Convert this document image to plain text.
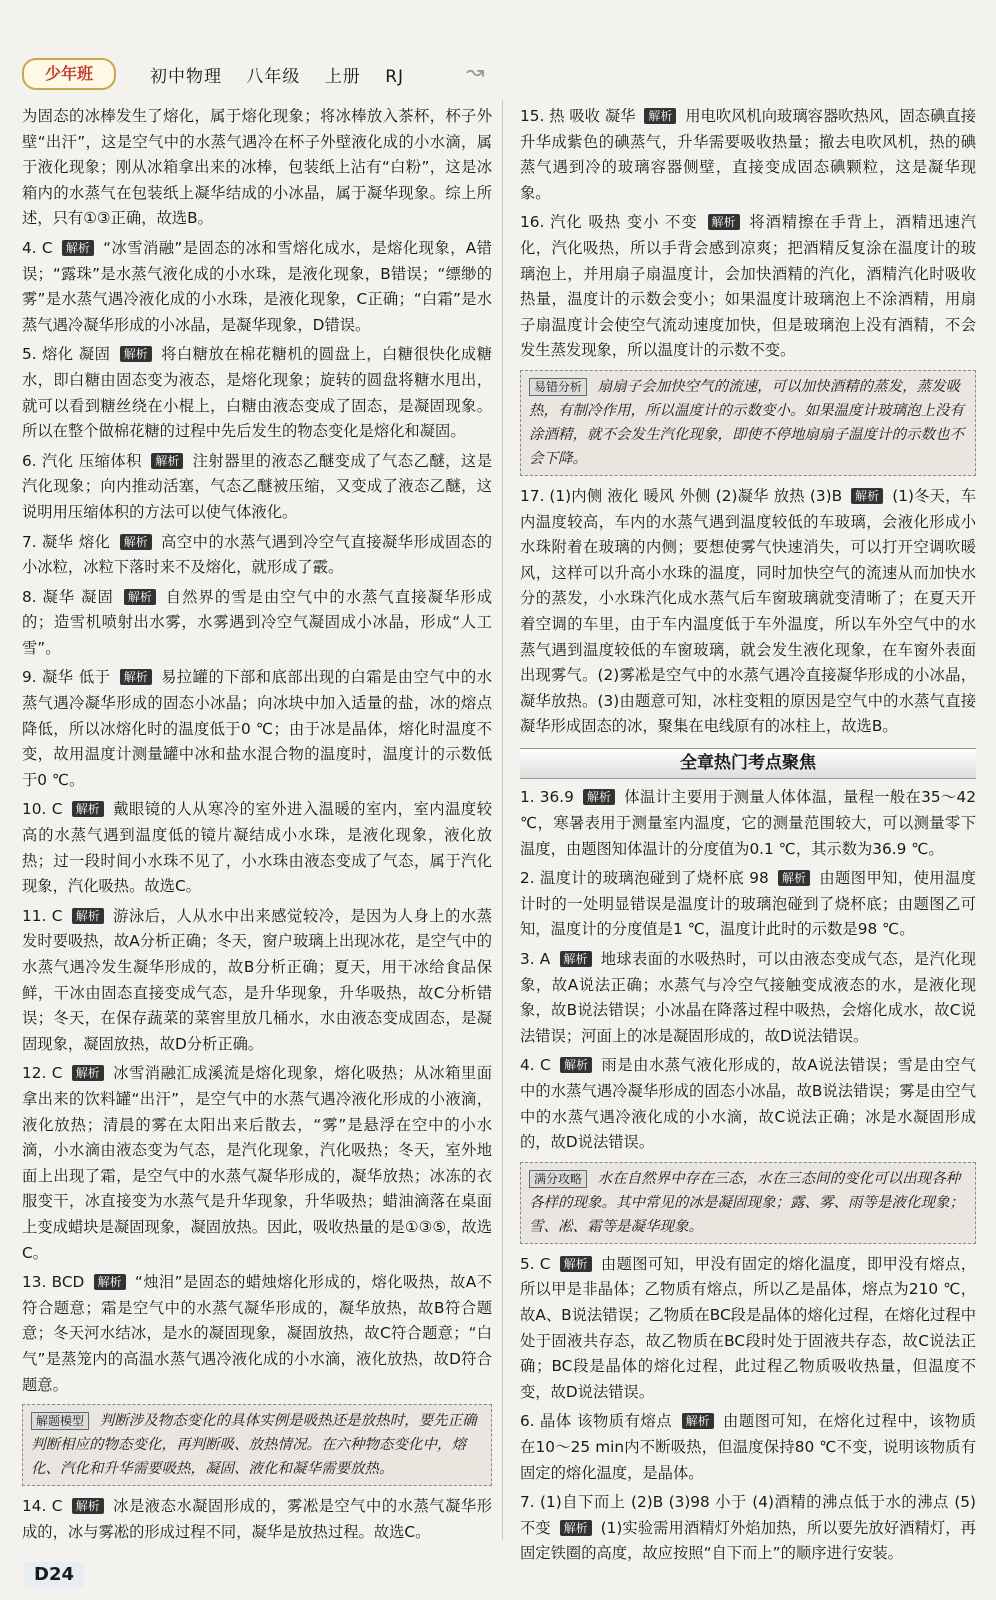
少年班	初中物理 八年级 上册 RJ	↝

为固态的冰棒发生了熔化，属于熔化现象；将冰棒放入茶杯，杯子外壁“出汗”，这是空气中的水蒸气遇冷在杯子外壁液化成的小水滴，属于液化现象；刚从冰箱拿出来的冰棒，包装纸上沾有“白粉”，这是冰箱内的水蒸气在包装纸上凝华结成的小冰晶，属于凝华现象。综上所述，只有①③正确，故选B。

4. C 解析 “冰雪消融”是固态的冰和雪熔化成水，是熔化现象，A错误；“露珠”是水蒸气液化成的小水珠，是液化现象，B错误；“缥缈的雾”是水蒸气遇冷液化成的小水珠，是液化现象，C正确；“白霜”是水蒸气遇冷凝华形成的小冰晶，是凝华现象，D错误。

5. 熔化 凝固 解析 将白糖放在棉花糖机的圆盘上，白糖很快化成糖水，即白糖由固态变为液态，是熔化现象；旋转的圆盘将糖水甩出，就可以看到糖丝绕在小棍上，白糖由液态变成了固态，是凝固现象。所以在整个做棉花糖的过程中先后发生的物态变化是熔化和凝固。

6. 汽化 压缩体积 解析 注射器里的液态乙醚变成了气态乙醚，这是汽化现象；向内推动活塞，气态乙醚被压缩，又变成了液态乙醚，这说明用压缩体积的方法可以使气体液化。

7. 凝华 熔化 解析 高空中的水蒸气遇到冷空气直接凝华形成固态的小冰粒，冰粒下落时来不及熔化，就形成了霰。

8. 凝华 凝固 解析 自然界的雪是由空气中的水蒸气直接凝华形成的；造雪机喷射出水雾，水雾遇到冷空气凝固成小冰晶，形成“人工雪”。

9. 凝华 低于 解析 易拉罐的下部和底部出现的白霜是由空气中的水蒸气遇冷凝华形成的固态小冰晶；向冰块中加入适量的盐，冰的熔点降低，所以冰熔化时的温度低于0 ℃；由于冰是晶体，熔化时温度不变，故用温度计测量罐中冰和盐水混合物的温度时，温度计的示数低于0 ℃。

10. C 解析 戴眼镜的人从寒冷的室外进入温暖的室内，室内温度较高的水蒸气遇到温度低的镜片凝结成小水珠，是液化现象，液化放热；过一段时间小水珠不见了，小水珠由液态变成了气态，属于汽化现象，汽化吸热。故选C。

11. C 解析 游泳后，人从水中出来感觉较冷，是因为人身上的水蒸发时要吸热，故A分析正确；冬天，窗户玻璃上出现冰花，是空气中的水蒸气遇冷发生凝华形成的，故B分析正确；夏天，用干冰给食品保鲜，干冰由固态直接变成气态，是升华现象，升华吸热，故C分析错误；冬天，在保存蔬菜的菜窖里放几桶水，水由液态变成固态，是凝固现象，凝固放热，故D分析正确。

12. C 解析 冰雪消融汇成溪流是熔化现象，熔化吸热；从冰箱里面拿出来的饮料罐“出汗”，是空气中的水蒸气遇冷液化形成的小液滴，液化放热；清晨的雾在太阳出来后散去，“雾”是悬浮在空中的小水滴，小水滴由液态变为气态，是汽化现象，汽化吸热；冬天，室外地面上出现了霜，是空气中的水蒸气凝华形成的，凝华放热；冰冻的衣服变干，冰直接变为水蒸气是升华现象，升华吸热；蜡油滴落在桌面上变成蜡块是凝固现象，凝固放热。因此，吸收热量的是①③⑤，故选C。

13. BCD 解析 “烛泪”是固态的蜡烛熔化形成的，熔化吸热，故A不符合题意；霜是空气中的水蒸气凝华形成的，凝华放热，故B符合题意；冬天河水结冰，是水的凝固现象，凝固放热，故C符合题意；“白气”是蒸笼内的高温水蒸气遇冷液化成的小水滴，液化放热，故D符合题意。

解题模型 判断涉及物态变化的具体实例是吸热还是放热时，要先正确判断相应的物态变化，再判断吸、放热情况。在六种物态变化中，熔化、汽化和升华需要吸热，凝固、液化和凝华需要放热。

14. C 解析 冰是液态水凝固形成的，雾凇是空气中的水蒸气凝华形成的，冰与雾凇的形成过程不同，凝华是放热过程。故选C。

15. 热 吸收 凝华 解析 用电吹风机向玻璃容器吹热风，固态碘直接升华成紫色的碘蒸气，升华需要吸收热量；撤去电吹风机，热的碘蒸气遇到冷的玻璃容器侧壁，直接变成固态碘颗粒，这是凝华现象。

16. 汽化 吸热 变小 不变 解析 将酒精擦在手背上，酒精迅速汽化，汽化吸热，所以手背会感到凉爽；把酒精反复涂在温度计的玻璃泡上，并用扇子扇温度计，会加快酒精的汽化，酒精汽化时吸收热量，温度计的示数会变小；如果温度计玻璃泡上不涂酒精，用扇子扇温度计会使空气流动速度加快，但是玻璃泡上没有酒精，不会发生蒸发现象，所以温度计的示数不变。

易错分析 扇扇子会加快空气的流速，可以加快酒精的蒸发，蒸发吸热，有制冷作用，所以温度计的示数变小。如果温度计玻璃泡上没有涂酒精，就不会发生汽化现象，即使不停地扇扇子温度计的示数也不会下降。

17. (1)内侧 液化 暖风 外侧 (2)凝华 放热 (3)B 解析 (1)冬天，车内温度较高，车内的水蒸气遇到温度较低的车玻璃，会液化形成小水珠附着在玻璃的内侧；要想使雾气快速消失，可以打开空调吹暖风，这样可以升高小水珠的温度，同时加快空气的流速从而加快水分的蒸发，小水珠汽化成水蒸气后车窗玻璃就变清晰了；在夏天开着空调的车里，由于车内温度低于车外温度，所以车外空气中的水蒸气遇到温度较低的车窗玻璃，就会发生液化现象，在车窗外表面出现雾气。(2)雾凇是空气中的水蒸气遇冷直接凝华形成的小冰晶，凝华放热。(3)由题意可知，冰柱变粗的原因是空气中的水蒸气直接凝华形成固态的冰，聚集在电线原有的冰柱上，故选B。

全章热门考点聚焦

1. 36.9 解析 体温计主要用于测量人体体温，量程一般在35～42 ℃，寒暑表用于测量室内温度，它的测量范围较大，可以测量零下温度，由题图知体温计的分度值为0.1 ℃，其示数为36.9 ℃。

2. 温度计的玻璃泡碰到了烧杯底 98 解析 由题图甲知，使用温度计时的一处明显错误是温度计的玻璃泡碰到了烧杯底；由题图乙可知，温度计的分度值是1 ℃，温度计此时的示数是98 ℃。

3. A 解析 地球表面的水吸热时，可以由液态变成气态，是汽化现象，故A说法正确；水蒸气与冷空气接触变成液态的水，是液化现象，故B说法错误；小冰晶在降落过程中吸热，会熔化成水，故C说法错误；河面上的冰是凝固形成的，故D说法错误。

4. C 解析 雨是由水蒸气液化形成的，故A说法错误；雪是由空气中的水蒸气遇冷凝华形成的固态小冰晶，故B说法错误；雾是由空气中的水蒸气遇冷液化成的小水滴，故C说法正确；冰是水凝固形成的，故D说法错误。

满分攻略 水在自然界中存在三态，水在三态间的变化可以出现各种各样的现象。其中常见的冰是凝固现象；露、雾、雨等是液化现象；雪、凇、霜等是凝华现象。

5. C 解析 由题图可知，甲没有固定的熔化温度，即甲没有熔点，所以甲是非晶体；乙物质有熔点，所以乙是晶体，熔点为210 ℃，故A、B说法错误；乙物质在BC段是晶体的熔化过程，在熔化过程中处于固液共存态，故乙物质在BC段时处于固液共存态，故C说法正确；BC段是晶体的熔化过程，此过程乙物质吸收热量，但温度不变，故D说法错误。

6. 晶体 该物质有熔点 解析 由题图可知，在熔化过程中，该物质在10～25 min内不断吸热，但温度保持80 ℃不变，说明该物质有固定的熔化温度，是晶体。

7. (1)自下而上 (2)B (3)98 小于 (4)酒精的沸点低于水的沸点 (5)不变 解析 (1)实验需用酒精灯外焰加热，所以要先放好酒精灯，再固定铁圈的高度，故应按照“自下而上”的顺序进行安装。

D24
